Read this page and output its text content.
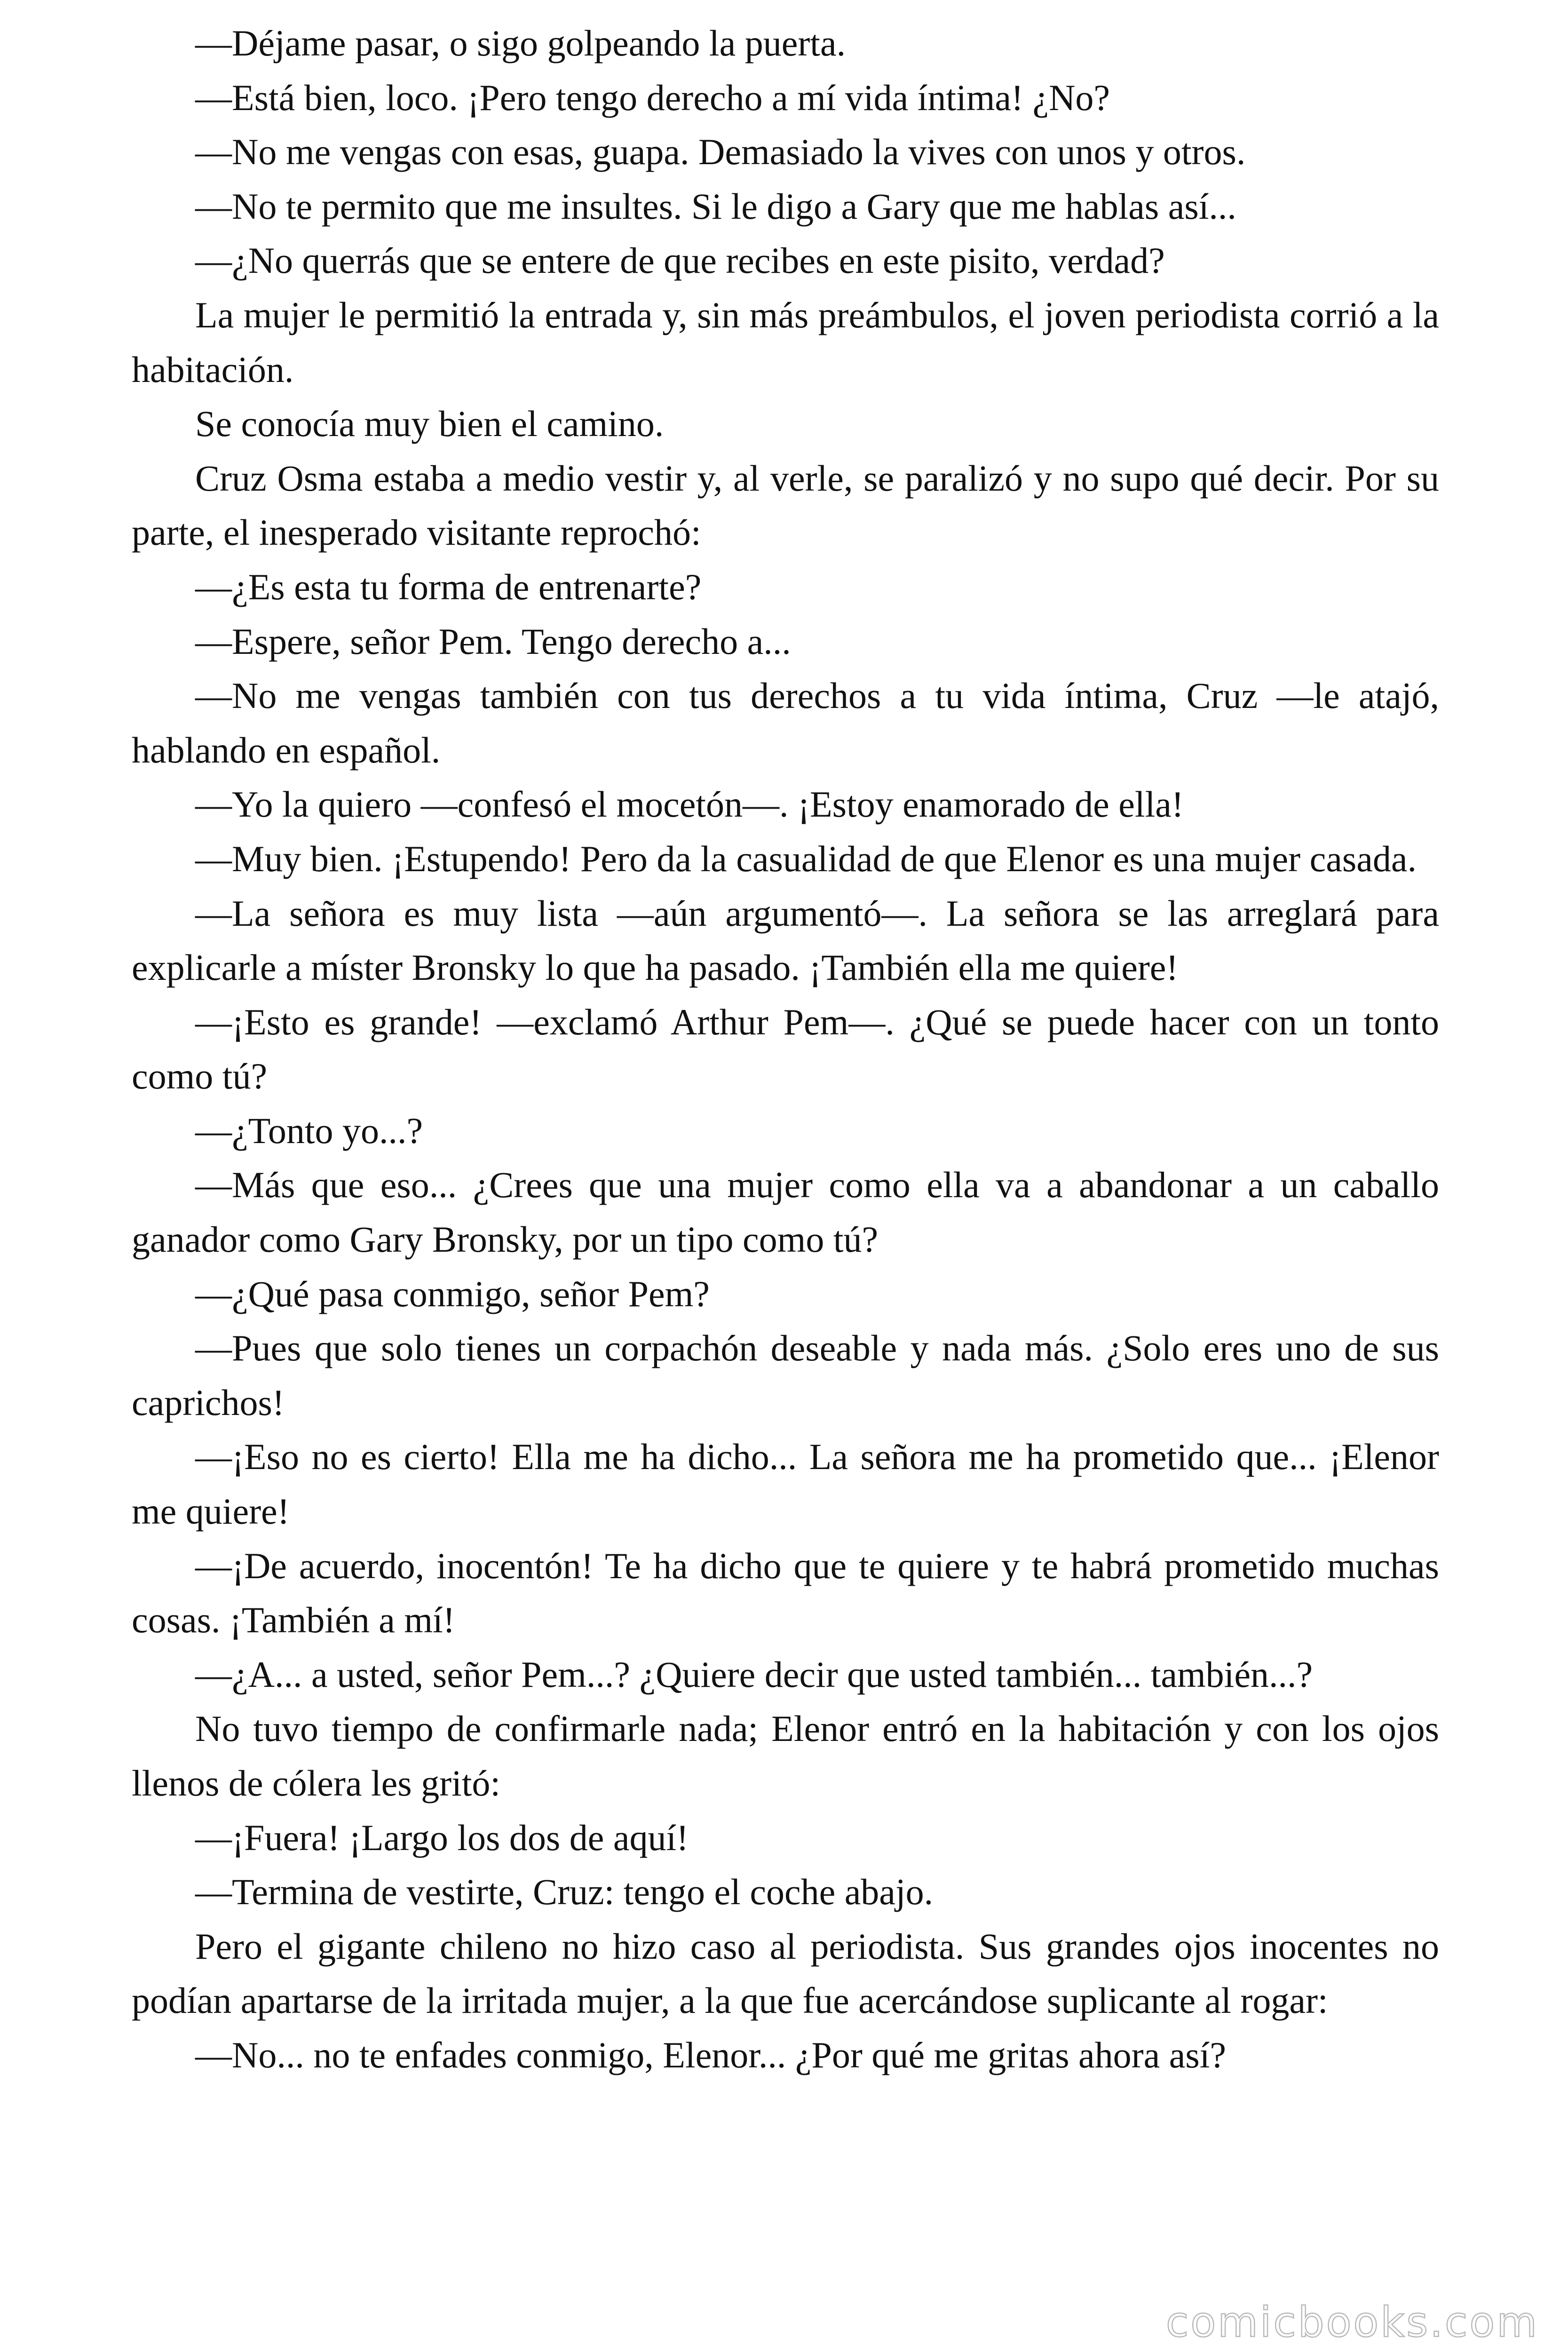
—Déjame pasar, o sigo golpeando la puerta.

—Está bien, loco. ¡Pero tengo derecho a mí vida íntima! ¿No?

—No me vengas con esas, guapa. Demasiado la vives con unos y otros.

—No te permito que me insultes. Si le digo a Gary que me hablas así...

—¿No querrás que se entere de que recibes en este pisito, verdad?

La mujer le permitió la entrada y, sin más preámbulos, el joven periodista corrió a la habitación.

Se conocía muy bien el camino.

Cruz Osma estaba a medio vestir y, al verle, se paralizó y no supo qué decir. Por su parte, el inesperado visitante reprochó:

—¿Es esta tu forma de entrenarte?

—Espere, señor Pem. Tengo derecho a...

—No me vengas también con tus derechos a tu vida íntima, Cruz —le atajó, hablando en español.

—Yo la quiero —confesó el mocetón—. ¡Estoy enamorado de ella!

—Muy bien. ¡Estupendo! Pero da la casualidad de que Elenor es una mujer casada.

—La señora es muy lista —aún argumentó—. La señora se las arreglará para explicarle a míster Bronsky lo que ha pasado. ¡También ella me quiere!

—¡Esto es grande! —exclamó Arthur Pem—. ¿Qué se puede hacer con un tonto como tú?

—¿Tonto yo...?

—Más que eso... ¿Crees que una mujer como ella va a abandonar a un caballo ganador como Gary Bronsky, por un tipo como tú?

—¿Qué pasa conmigo, señor Pem?

—Pues que solo tienes un corpachón deseable y nada más. ¿Solo eres uno de sus caprichos!

—¡Eso no es cierto! Ella me ha dicho... La señora me ha prometido que... ¡Elenor me quiere!

—¡De acuerdo, inocentón! Te ha dicho que te quiere y te habrá prometido muchas cosas. ¡También a mí!

—¿A... a usted, señor Pem...? ¿Quiere decir que usted también... también...?

No tuvo tiempo de confirmarle nada; Elenor entró en la habitación y con los ojos llenos de cólera les gritó:

—¡Fuera! ¡Largo los dos de aquí!

—Termina de vestirte, Cruz: tengo el coche abajo.

Pero el gigante chileno no hizo caso al periodista. Sus grandes ojos inocentes no podían apartarse de la irritada mujer, a la que fue acercándose suplicante al rogar:

—No... no te enfades conmigo, Elenor... ¿Por qué me gritas ahora así?

comicbooks.com
